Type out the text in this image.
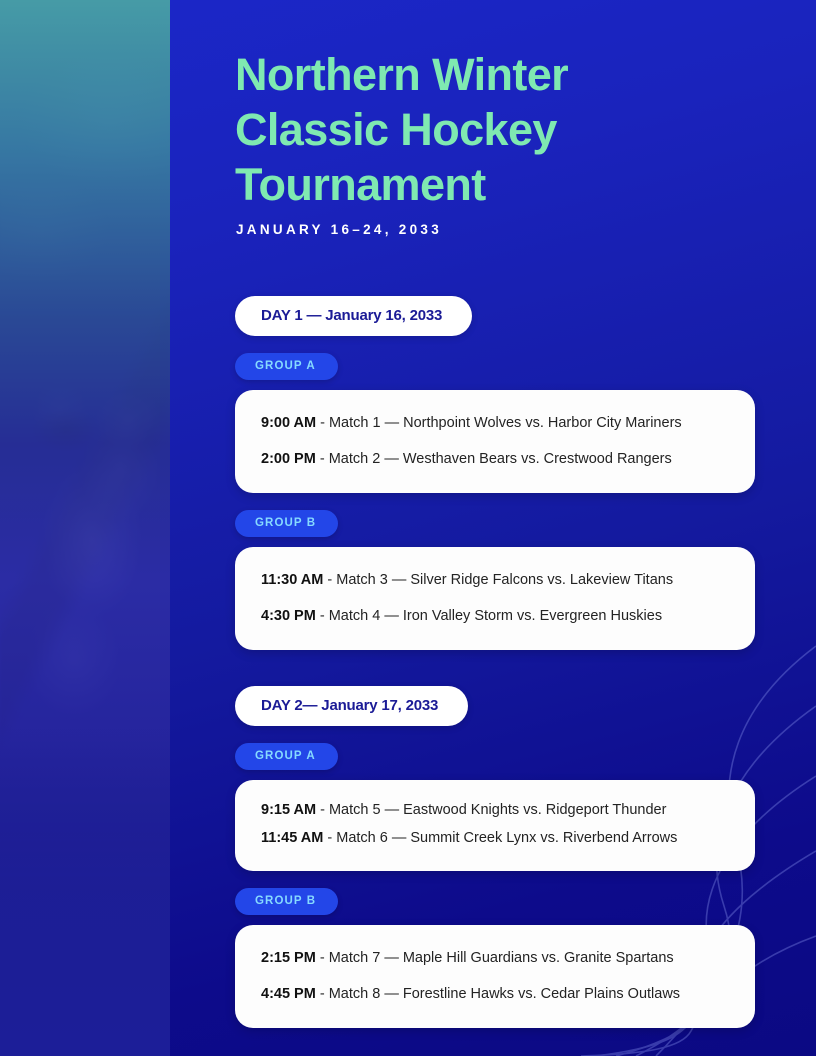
Northern Winter
Classic Hockey
Tournament
JANUARY 16–24, 2033
DAY 1 — January 16, 2033
GROUP A
9:00 AM - Match 1 — Northpoint Wolves vs. Harbor City Mariners
2:00 PM - Match 2 — Westhaven Bears vs. Crestwood Rangers
GROUP B
11:30 AM - Match 3 — Silver Ridge Falcons vs. Lakeview Titans
4:30 PM - Match 4 — Iron Valley Storm vs. Evergreen Huskies
DAY 2— January 17, 2033
GROUP A
9:15 AM - Match 5 — Eastwood Knights vs. Ridgeport Thunder
11:45 AM - Match 6 — Summit Creek Lynx vs. Riverbend Arrows
GROUP B
2:15 PM - Match 7 — Maple Hill Guardians vs. Granite Spartans
4:45 PM - Match 8 — Forestline Hawks vs. Cedar Plains Outlaws
